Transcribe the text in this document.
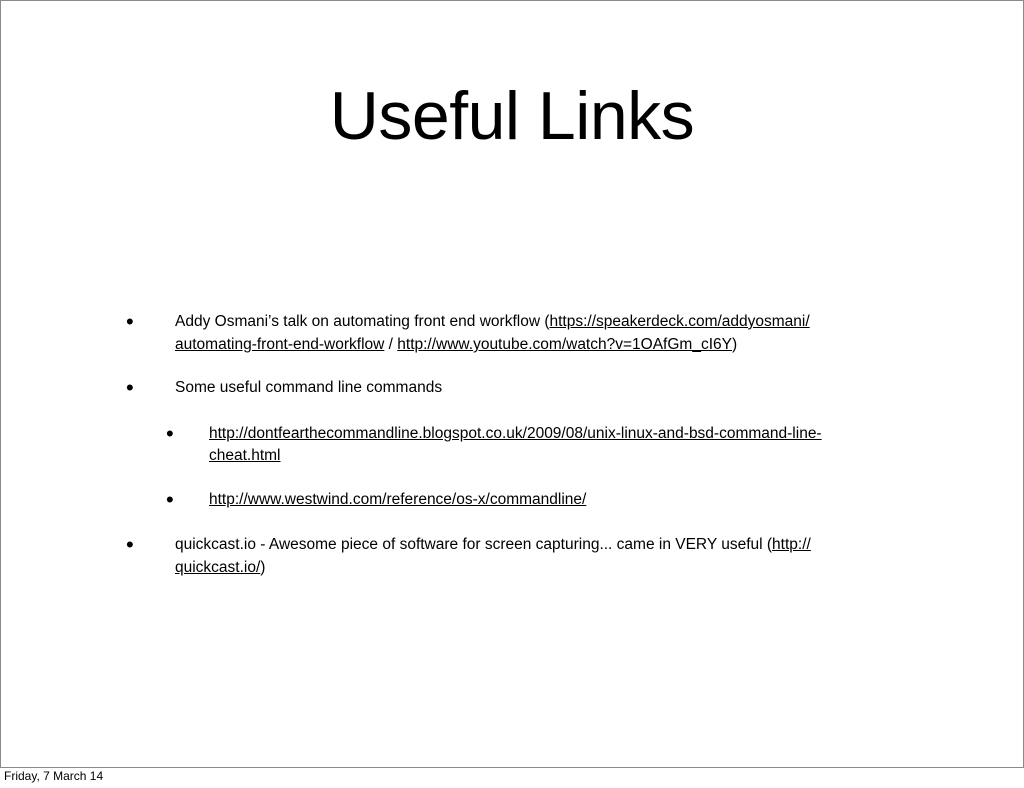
Useful Links
•	Addy Osmani’s talk on automating front end workflow (https://speakerdeck.com/addyosmani/
automating-front-end-workflow / http://www.youtube.com/watch?v=1OAfGm_cI6Y)
•	Some useful command line commands
• http://dontfearthecommandline.blogspot.co.uk/2009/08/unix-linux-and-bsd-command-line-
cheat.html
• http://www.westwind.com/reference/os-x/commandline/
•	quickcast.io - Awesome piece of software for screen capturing... came in VERY useful (http://
quickcast.io/)
Friday, 7 March 14
